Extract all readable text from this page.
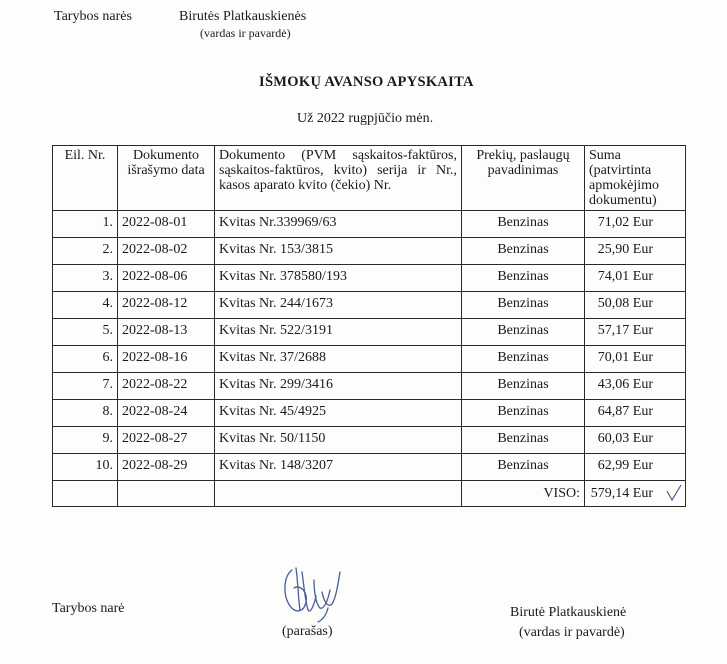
Tarybos narės	Birutės Platkauskienės
(vardas ir pavardė)
IŠMOKŲ AVANSO APYSKAITA
Už 2022 rugpjūčio mėn.
Eil. Nr.	Dokumento išrašymo data	Dokumento (PVM sąskaitos-faktūros, sąskaitos-faktūros, kvito) serija ir Nr., kasos aparato kvito (čekio) Nr.	Prekių, paslaugų pavadinimas	Suma (patvirtinta apmokėjimo dokumentu)
1.	2022-08-01	Kvitas Nr.339969/63	Benzinas	71,02 Eur
2.	2022-08-02	Kvitas Nr. 153/3815	Benzinas	25,90 Eur
3.	2022-08-06	Kvitas Nr. 378580/193	Benzinas	74,01 Eur
4.	2022-08-12	Kvitas Nr. 244/1673	Benzinas	50,08 Eur
5.	2022-08-13	Kvitas Nr. 522/3191	Benzinas	57,17 Eur
6.	2022-08-16	Kvitas Nr. 37/2688	Benzinas	70,01 Eur
7.	2022-08-22	Kvitas Nr. 299/3416	Benzinas	43,06 Eur
8.	2022-08-24	Kvitas Nr. 45/4925	Benzinas	64,87 Eur
9.	2022-08-27	Kvitas Nr. 50/1150	Benzinas	60,03 Eur
10.	2022-08-29	Kvitas Nr. 148/3207	Benzinas	62,99 Eur
			VISO:	579,14 Eur
Tarybos narė
(parašas)
Birutė Platkauskienė
(vardas ir pavardė)
